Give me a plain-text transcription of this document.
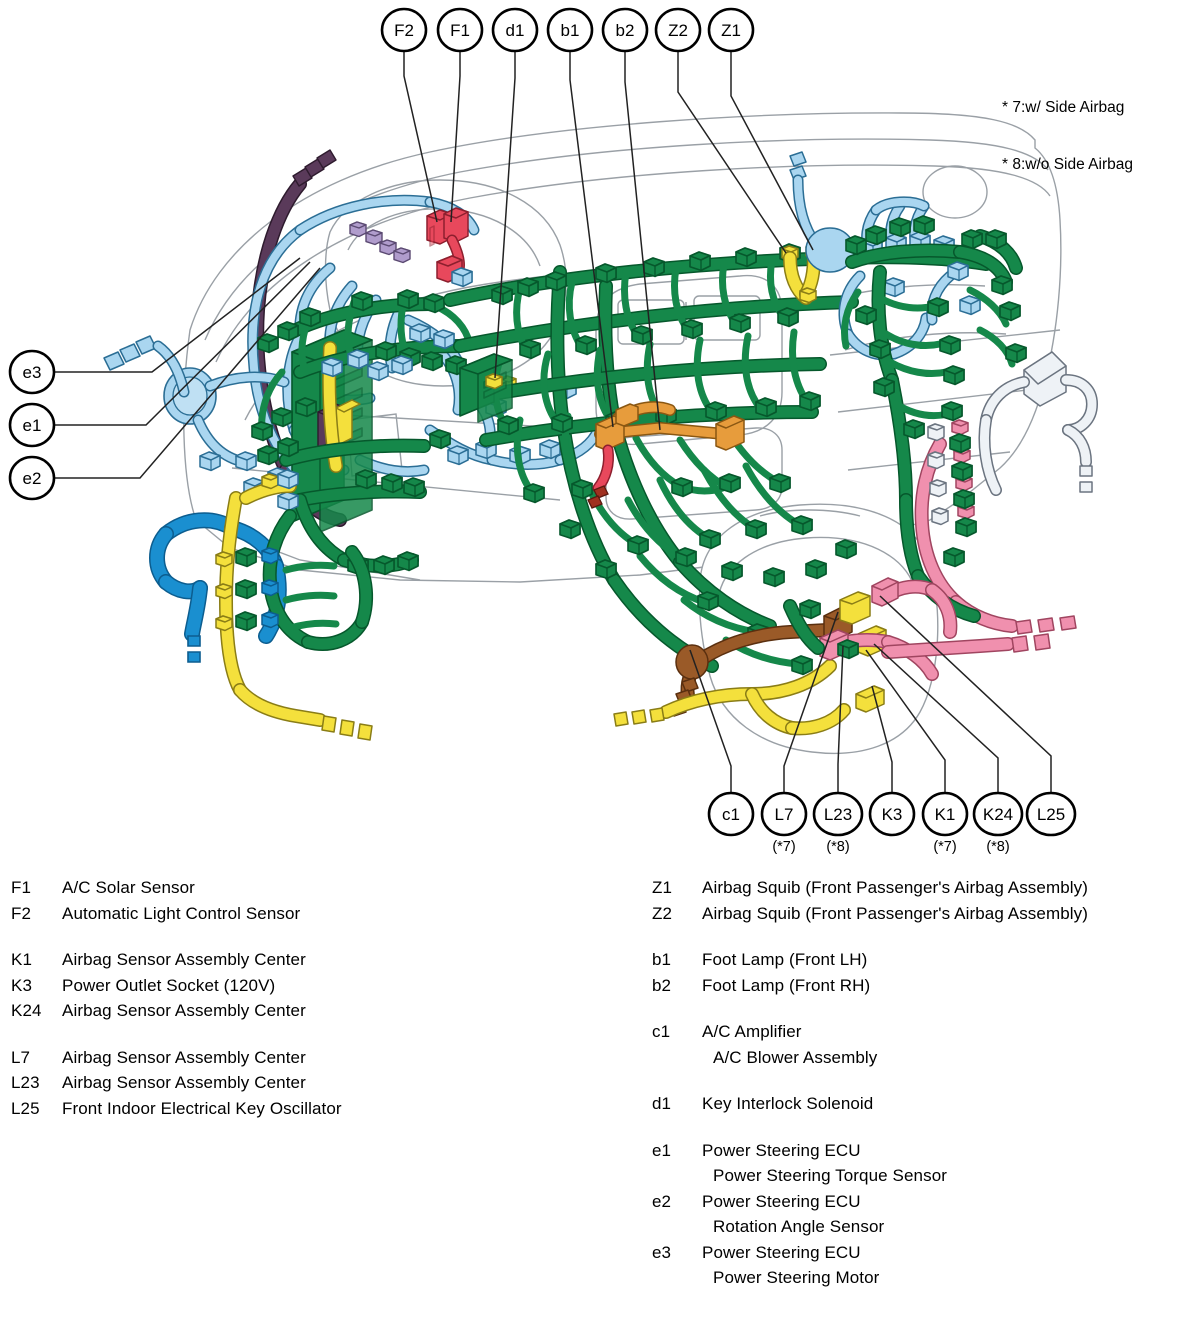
F2 F1 d1 b1 b2 Z2 Z1
e3
e1
e2
c1 L7
(*7)
L23
(*8)
K3 K1
(*7)
K24
(*8)
L25

* 7:w/ Side Airbag

* 8:w/o Side Airbag

F1	A/C Solar Sensor
F2	Automatic Light Control Sensor
K1	Airbag Sensor Assembly Center
K3	Power Outlet Socket (120V)
K24	Airbag Sensor Assembly Center
L7	Airbag Sensor Assembly Center
L23	Airbag Sensor Assembly Center
L25	Front Indoor Electrical Key Oscillator
Z1	Airbag Squib (Front Passenger's Airbag Assembly)
Z2	Airbag Squib (Front Passenger's Airbag Assembly)
b1	Foot Lamp (Front LH)
b2	Foot Lamp (Front RH)
c1	A/C Amplifier
A/C Blower Assembly
d1	Key Interlock Solenoid
e1	Power Steering ECU
Power Steering Torque Sensor
e2	Power Steering ECU
Rotation Angle Sensor
e3	Power Steering ECU
Power Steering Motor
